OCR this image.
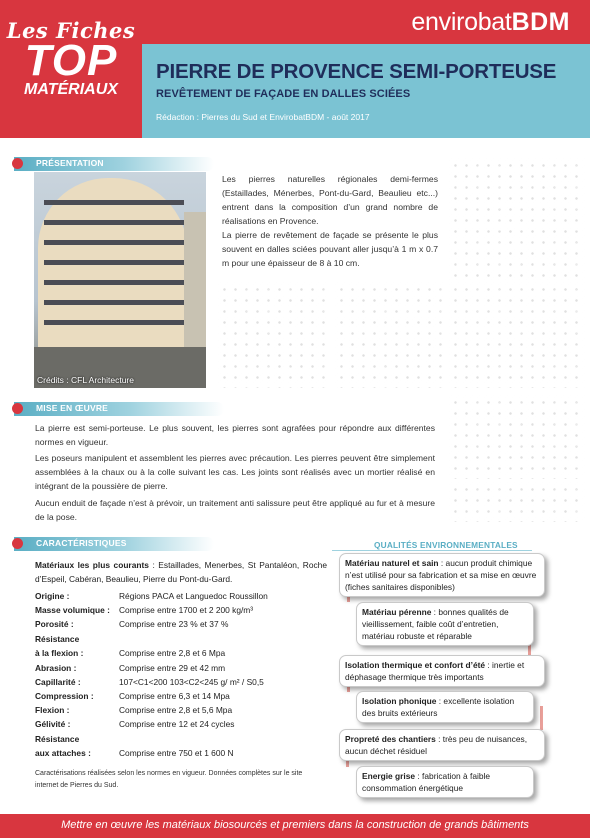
envirobatBDM
Les Fiches
TOP
MATÉRIAUX
PIERRE DE PROVENCE SEMI-PORTEUSE
REVÊTEMENT DE FAÇADE EN DALLES SCIÉES
Rédaction : Pierres du Sud et EnvirobatBDM - août 2017
PRÉSENTATION
Crédits : CFL Architecture
Les pierres naturelles régionales demi-fermes (Estaillades, Ménerbes, Pont-du-Gard, Beaulieu etc...) entrent dans la composition d’un grand nombre de réalisations en Provence.
La pierre de revêtement de façade se présente le plus souvent en dalles sciées pouvant aller jusqu’à 1 m x 0.7 m pour une épaisseur de 8 à 10 cm.
MISE EN ŒUVRE
La pierre est semi-porteuse. Le plus souvent, les pierres sont agrafées pour répondre aux différentes normes en vigueur.
Les poseurs manipulent et assemblent les pierres avec précaution. Les pierres peuvent être simplement assemblées à la chaux ou à la colle suivant les cas. Les joints sont réalisés avec un mortier réalisé en intégrant de la poussière de pierre.
Aucun enduit de façade n’est à prévoir, un traitement anti salissure peut être appliqué au fur et à mesure de la pose.
CARACTÉRISTIQUES
Matériaux les plus courants : Estaillades, Menerbes, St Pantaléon, Roche d’Espeil, Cabéran, Beaulieu, Pierre du Pont-du-Gard.
Origine :	Régions PACA et Languedoc Roussillon
Masse volumique : Comprise entre 1700 et 2 200 kg/m³
Porosité :	Comprise entre 23 % et 37 %
Résistance
à la flexion :	Comprise entre 2,8 et 6 Mpa
Abrasion :	Comprise entre 29 et 42 mm
Capillarité :	107<C1<200 103<C2<245 g/ m² / S0,5
Compression :	Comprise entre 6,3 et 14 Mpa
Flexion :	Comprise entre 2,8 et 5,6 Mpa
Gélivité :	Comprise entre 12 et 24 cycles
Résistance
aux attaches :	Comprise entre 750 et 1 600 N
Caractérisations réalisées selon les normes en vigueur. Données complètes sur le site internet de Pierres du Sud.
QUALITÉS ENVIRONNEMENTALES
Matériau naturel et sain : aucun produit chimique n’est utilisé pour sa fabrication et sa mise en œuvre (fiches sanitaires disponibles)
Matériau pérenne : bonnes qualités de vieillissement, faible coût d’entretien, matériau robuste et réparable
Isolation thermique et confort d’été : inertie et déphasage thermique très importants
Isolation phonique : excellente isolation des bruits extérieurs
Propreté des chantiers : très peu de nuisances, aucun déchet résiduel
Energie grise : fabrication à faible consommation énergétique
Mettre en œuvre les matériaux biosourcés et premiers dans la construction de grands bâtiments
